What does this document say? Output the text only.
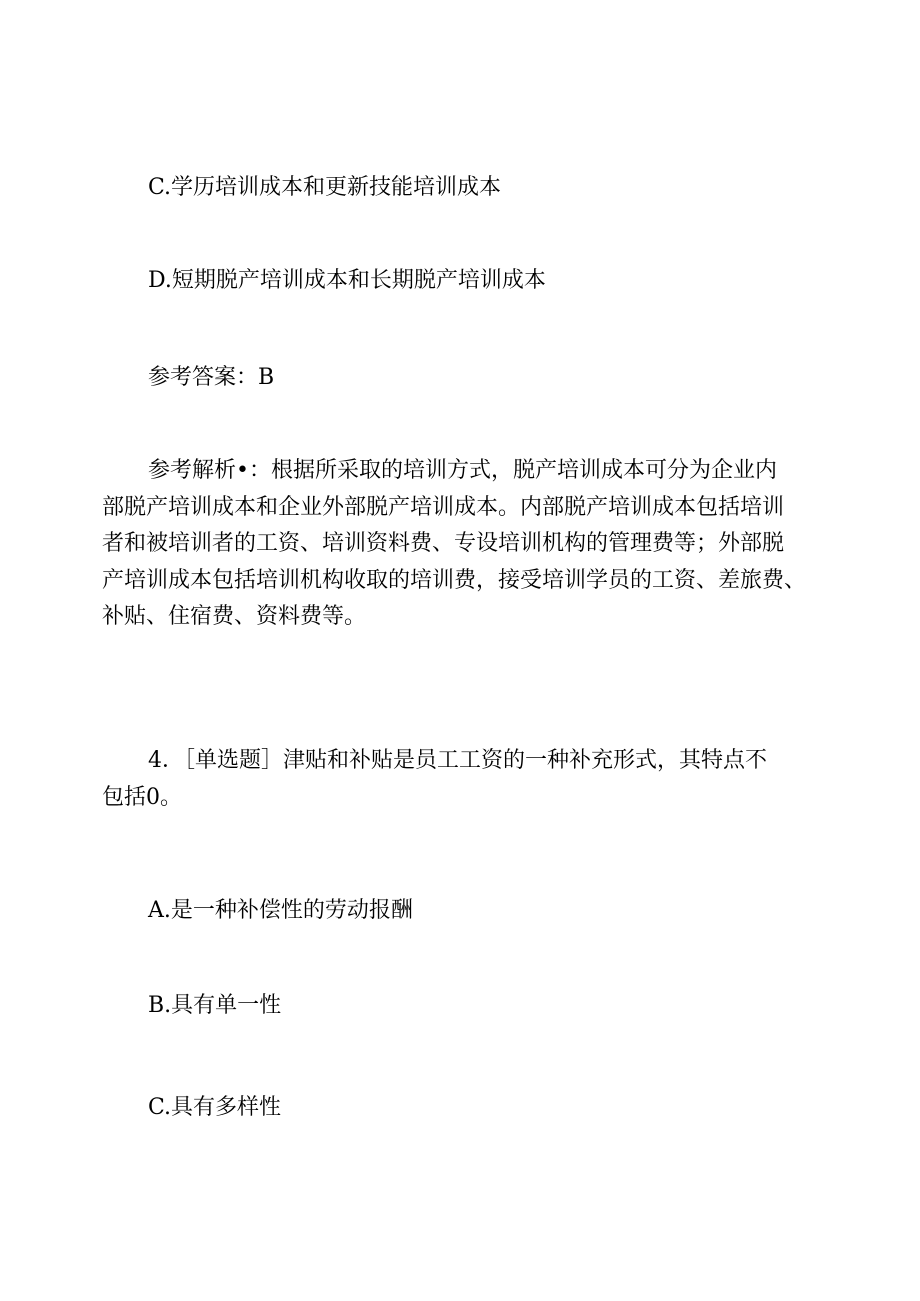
C.学历培训成本和更新技能培训成本

D.短期脱产培训成本和长期脱产培训成本

参考答案：B

参考解析•：根据所采取的培训方式，脱产培训成本可分为企业内
部脱产培训成本和企业外部脱产培训成本。内部脱产培训成本包括培训
者和被培训者的工资、培训资料费、专设培训机构的管理费等；外部脱
产培训成本包括培训机构收取的培训费，接受培训学员的工资、差旅费、
补贴、住宿费、资料费等。
4．［单选题］津贴和补贴是员工工资的一种补充形式，其特点不
包括0。

A.是一种补偿性的劳动报酬

B.具有单一性

C.具有多样性
